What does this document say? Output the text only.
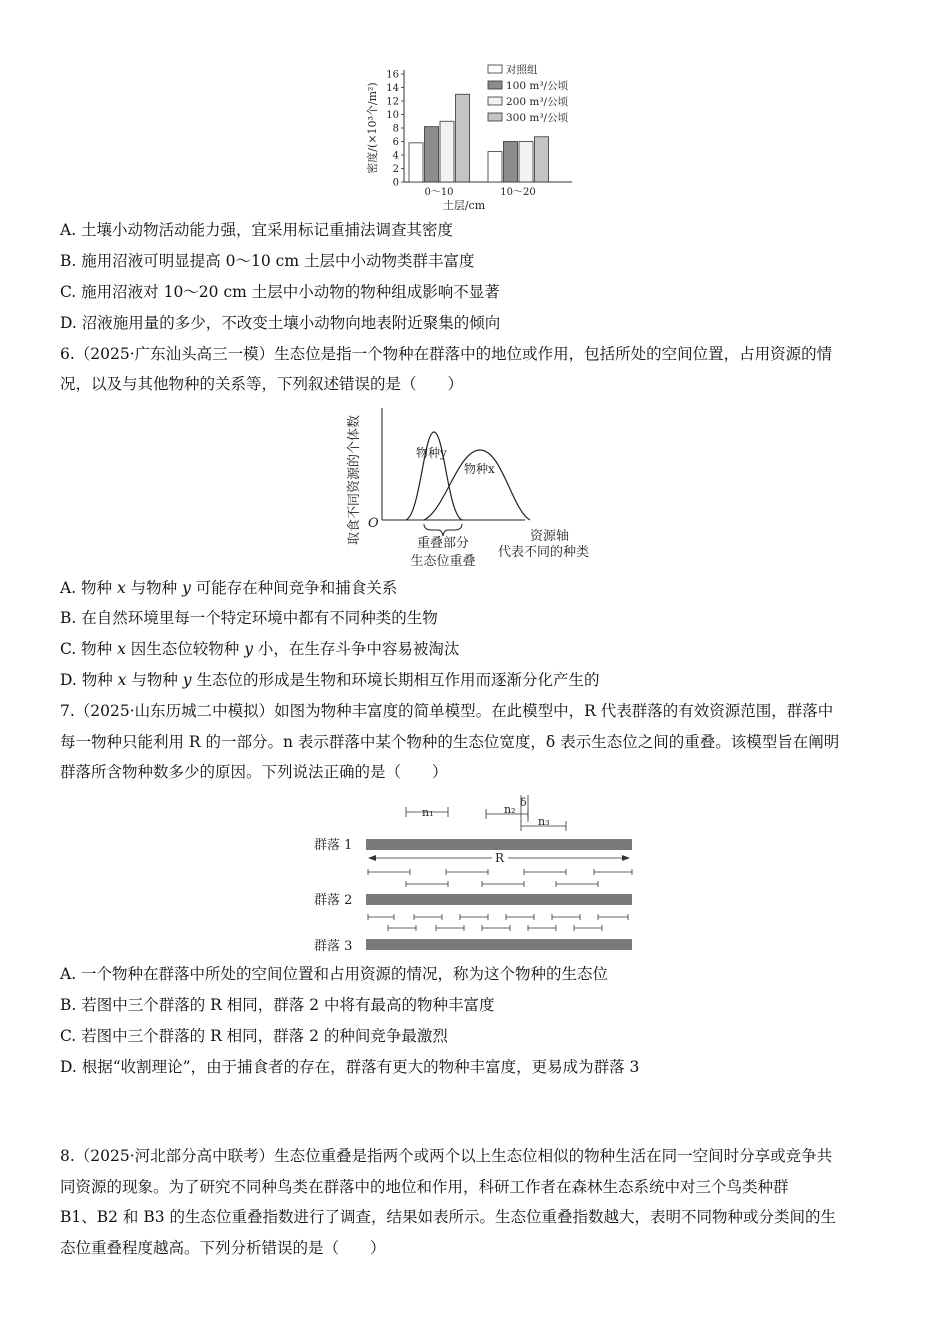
密度/(×10³个/m²)
0
2
4
6
8
10
12
14
16
0～10	10～20
土层/cm
对照组
100 m³/公顷
200 m³/公顷
300 m³/公顷
A. 土壤小动物活动能力强，宜采用标记重捕法调查其密度
B. 施用沼液可明显提高 0～10 cm 土层中小动物类群丰富度
C. 施用沼液对 10～20 cm 土层中小动物的物种组成影响不显著
D. 沼液施用量的多少，不改变土壤小动物向地表附近聚集的倾向
6.（2025·广东汕头高三一模）生态位是指一个物种在群落中的地位或作用，包括所处的空间位置，占用资源的情
况，以及与其他物种的关系等，下列叙述错误的是（　　）
取食不同资源的个体数 O
物种y
物种x
重叠部分
生态位重叠
资源轴
代表不同的种类
A. 物种 x 与物种 y 可能存在种间竞争和捕食关系
B. 在自然环境里每一个特定环境中都有不同种类的生物
C. 物种 x 因生态位较物种 y 小，在生存斗争中容易被淘汰
D. 物种 x 与物种 y 生态位的形成是生物和环境长期相互作用而逐渐分化产生的
7.（2025·山东历城二中模拟）如图为物种丰富度的简单模型。在此模型中，R 代表群落的有效资源范围，群落中
每一物种只能利用 R 的一部分。n 表示群落中某个物种的生态位宽度，δ 表示生态位之间的重叠。该模型旨在阐明
群落所含物种数多少的原因。下列说法正确的是（　　）
n₁	n₂
δ
n₃
群落 1
R
群落 2
群落 3
A. 一个物种在群落中所处的空间位置和占用资源的情况，称为这个物种的生态位
B. 若图中三个群落的 R 相同，群落 2 中将有最高的物种丰富度
C. 若图中三个群落的 R 相同，群落 2 的种间竞争最激烈
D. 根据“收割理论”，由于捕食者的存在，群落有更大的物种丰富度，更易成为群落 3
8.（2025·河北部分高中联考）生态位重叠是指两个或两个以上生态位相似的物种生活在同一空间时分享或竞争共
同资源的现象。为了研究不同种鸟类在群落中的地位和作用，科研工作者在森林生态系统中对三个鸟类种群
B1、B2 和 B3 的生态位重叠指数进行了调查，结果如表所示。生态位重叠指数越大，表明不同物种或分类间的生
态位重叠程度越高。下列分析错误的是（　　）
